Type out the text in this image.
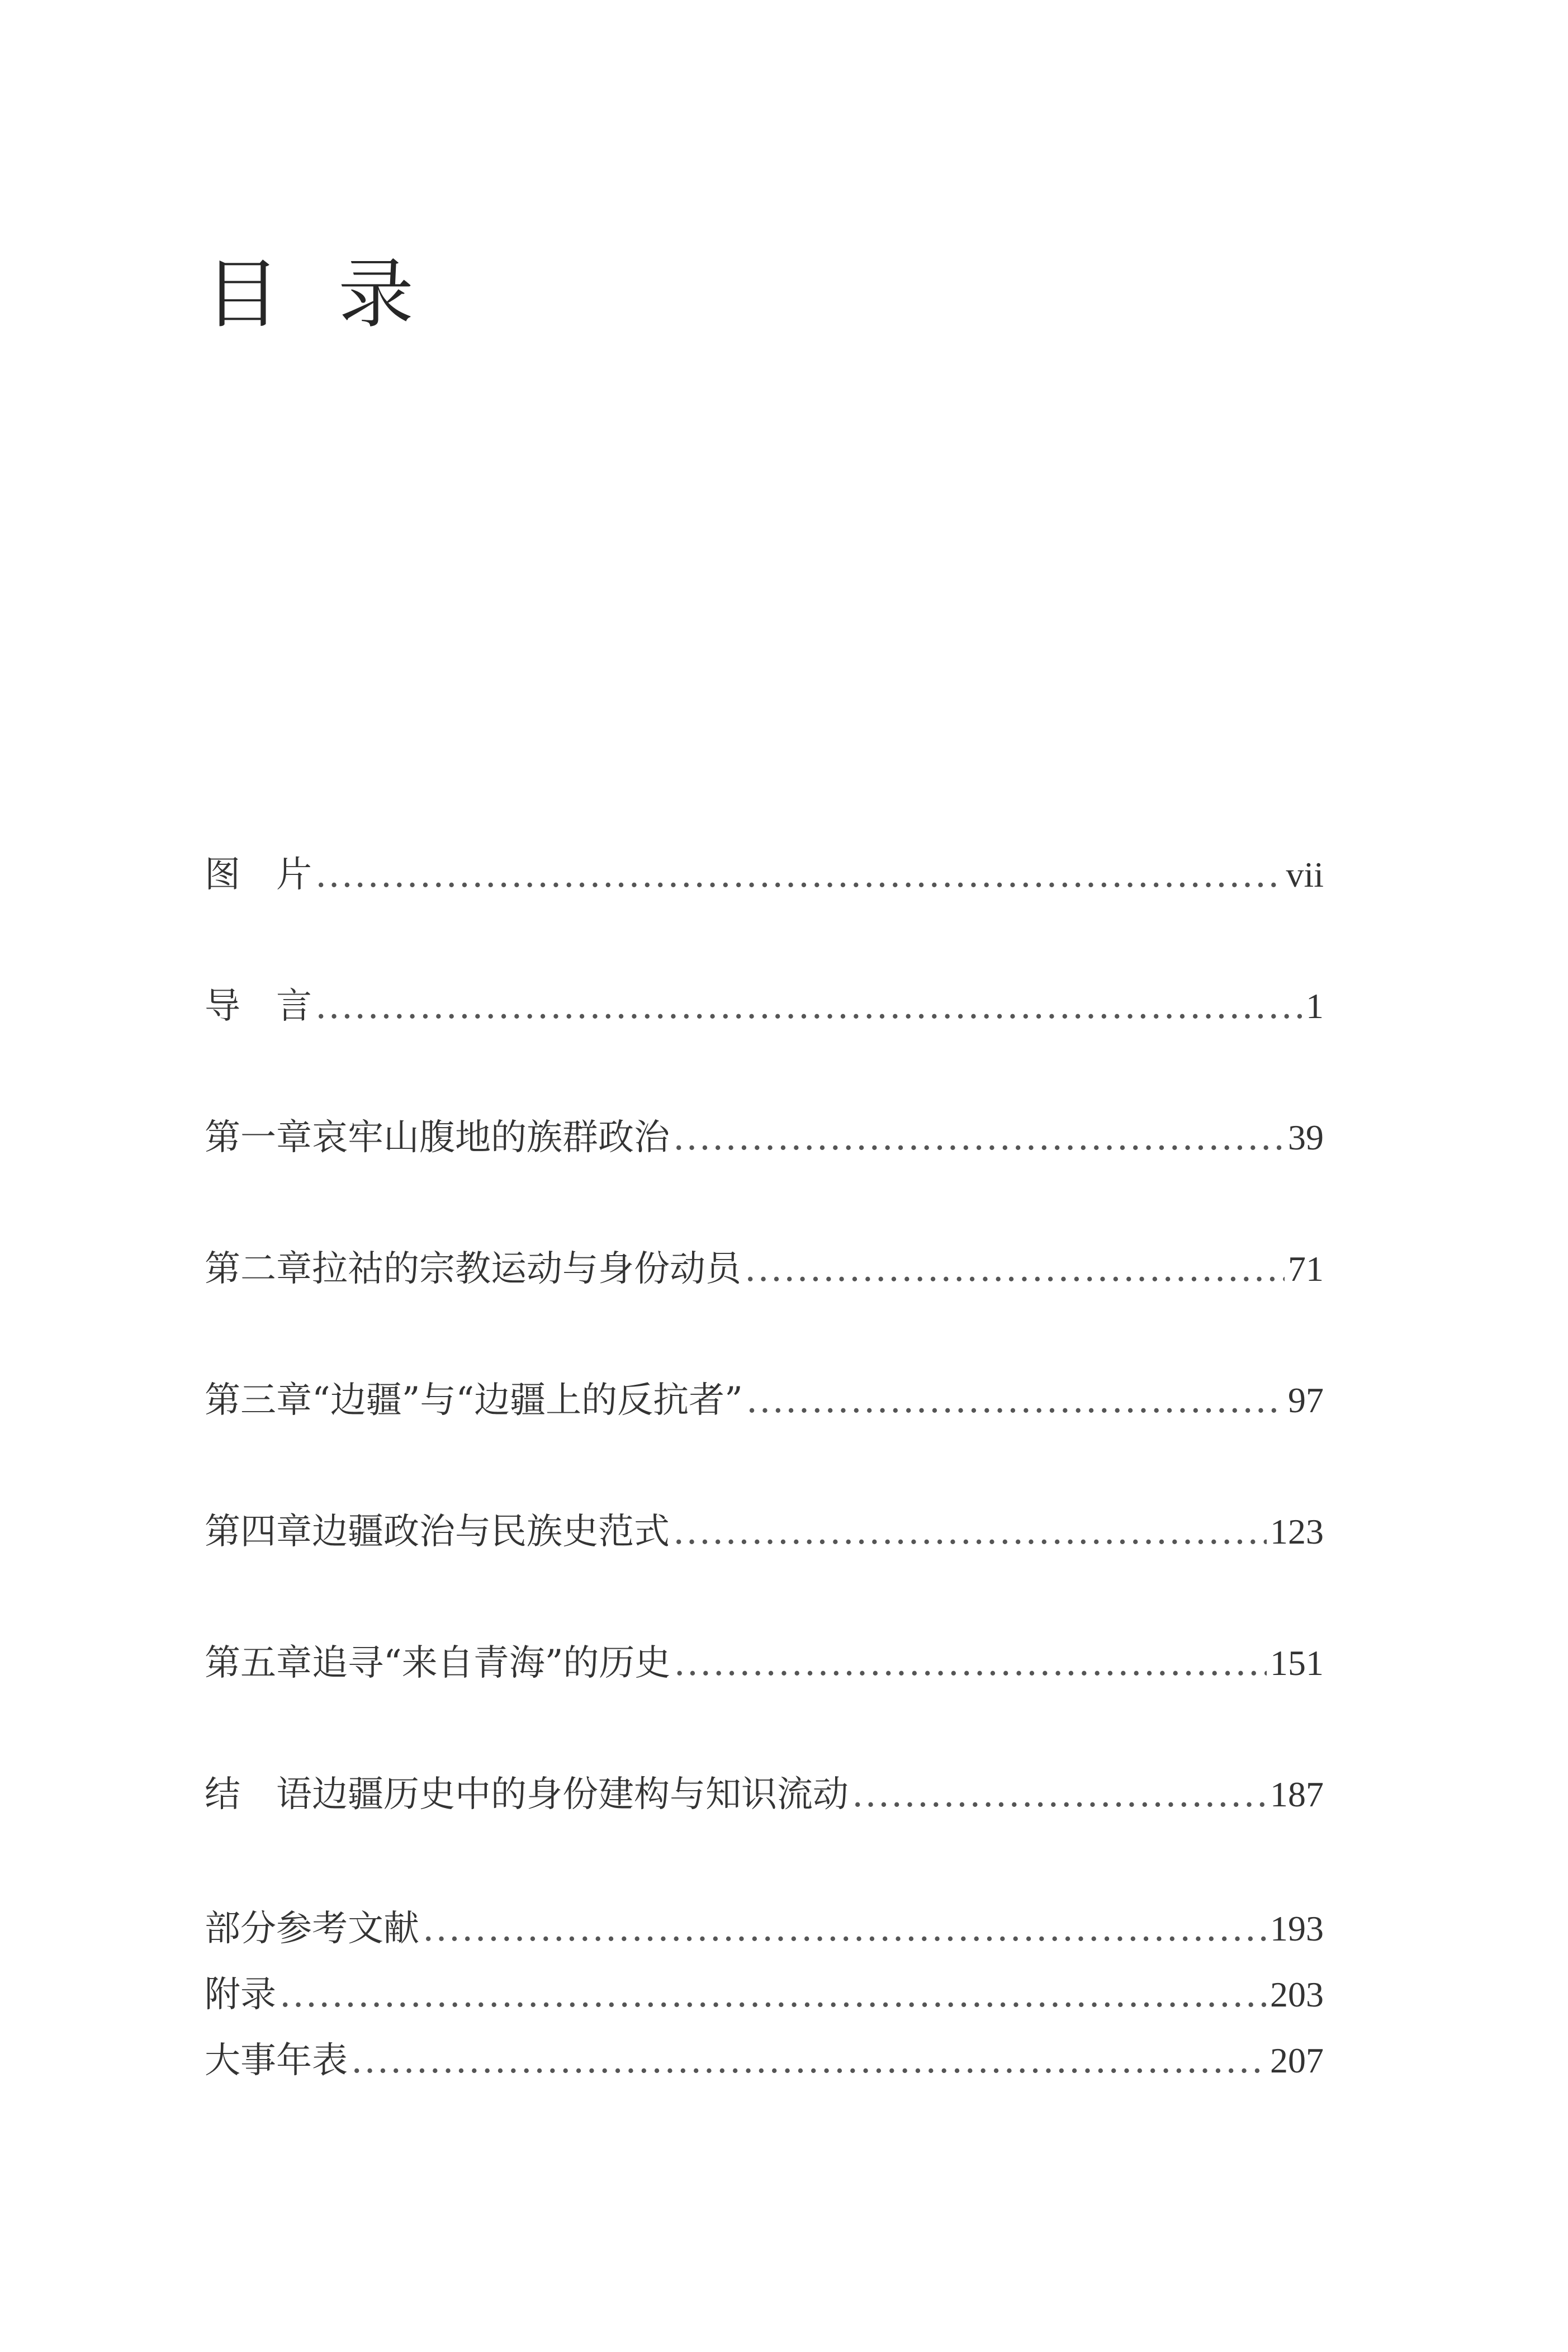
目 录
图　片 .....	vii
导　言 .....	1
第一章 哀牢山腹地的族群政治 .....	39
第二章 拉祜的宗教运动与身份动员 .....	71
第三章 “边疆”与“边疆上的反抗者” .....	97
第四章 边疆政治与民族史范式 .....	123
第五章 追寻“来自青海”的历史 .....	151
结　语 边疆历史中的身份建构与知识流动 .....	187
部分参考文献 .....	193
附录 .....	203
大事年表 .....	207
